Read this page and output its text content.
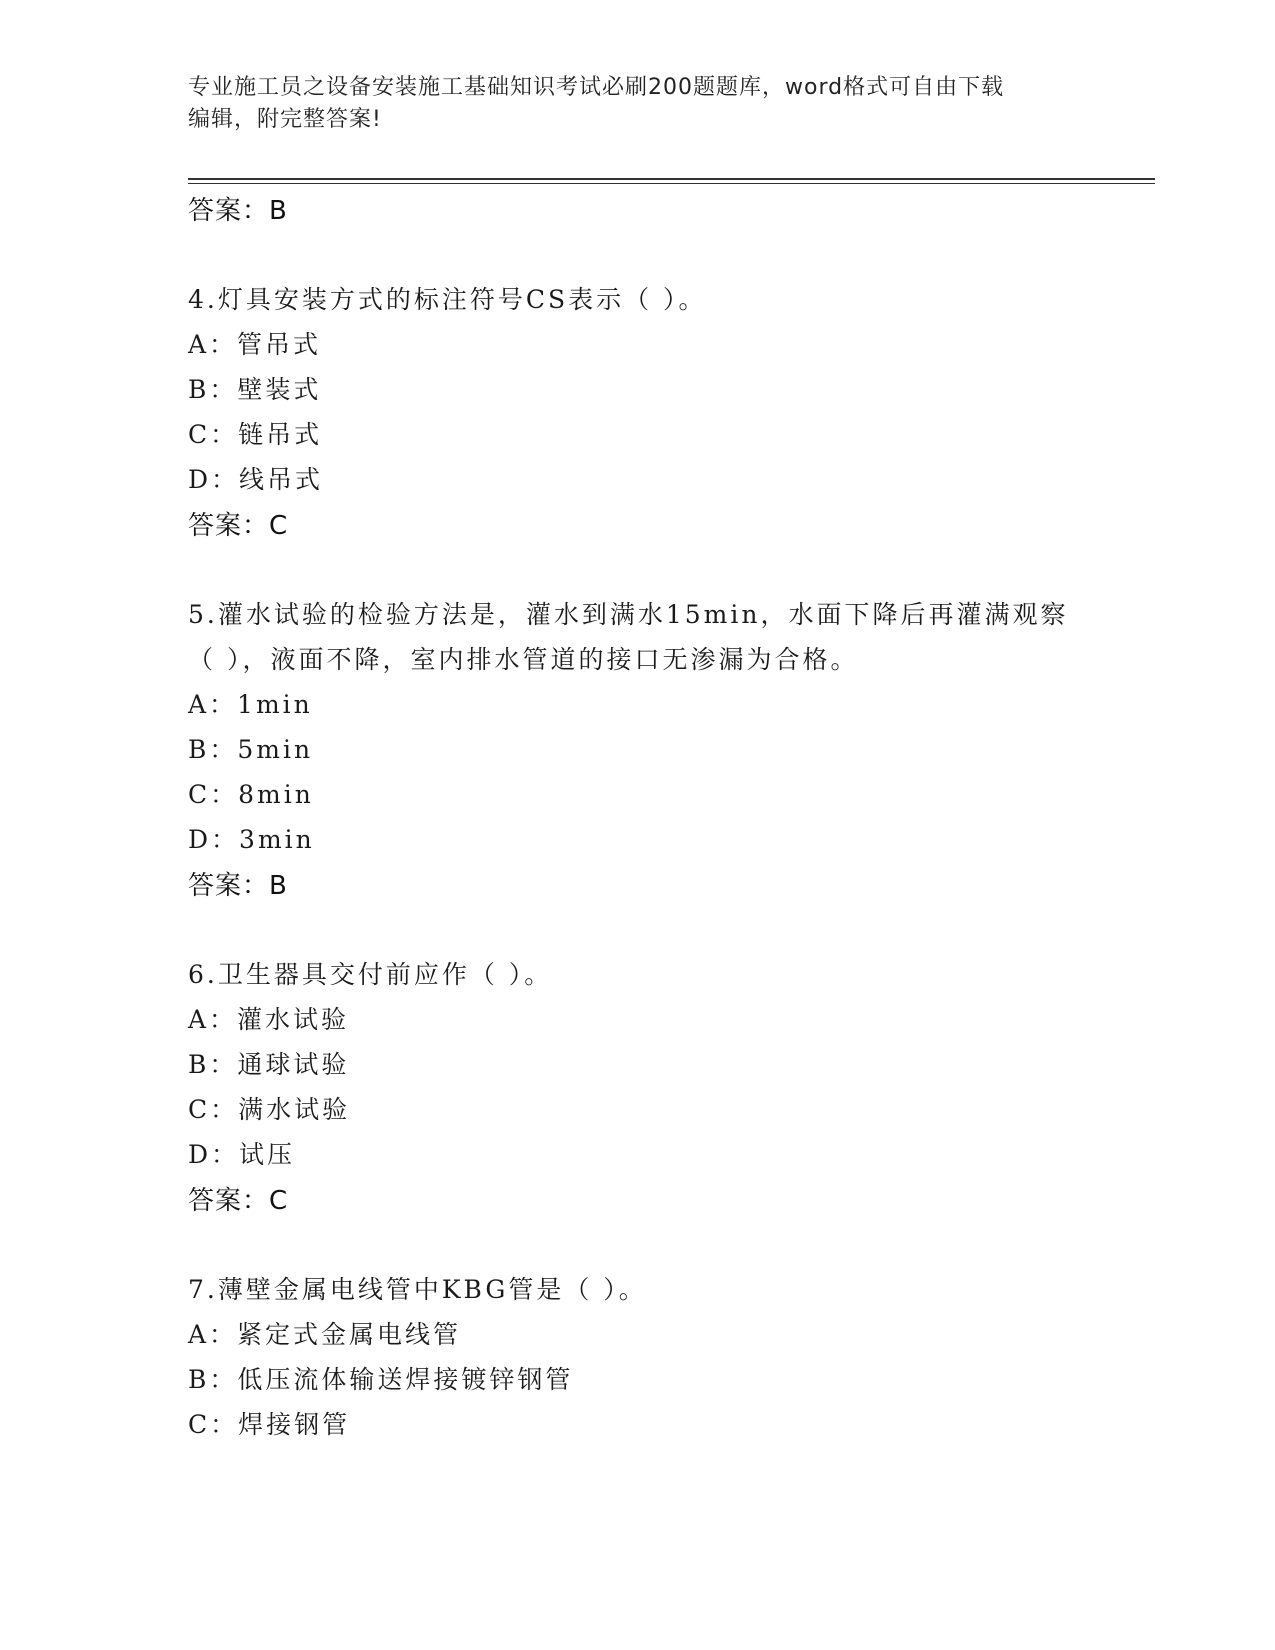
专业施工员之设备安装施工基础知识考试必刷200题题库，word格式可自由下载
编辑，附完整答案!
答案：B
4.灯具安装方式的标注符号CS表示（ ）。
A：管吊式
B：壁装式
C：链吊式
D：线吊式
答案：C
5.灌水试验的检验方法是，灌水到满水15min，水面下降后再灌满观察
（ ），液面不降，室内排水管道的接口无渗漏为合格。
A：1min
B：5min
C：8min
D：3min
答案：B
6.卫生器具交付前应作（ ）。
A：灌水试验
B：通球试验
C：满水试验
D：试压
答案：C
7.薄壁金属电线管中KBG管是（ ）。
A：紧定式金属电线管
B：低压流体输送焊接镀锌钢管
C：焊接钢管
